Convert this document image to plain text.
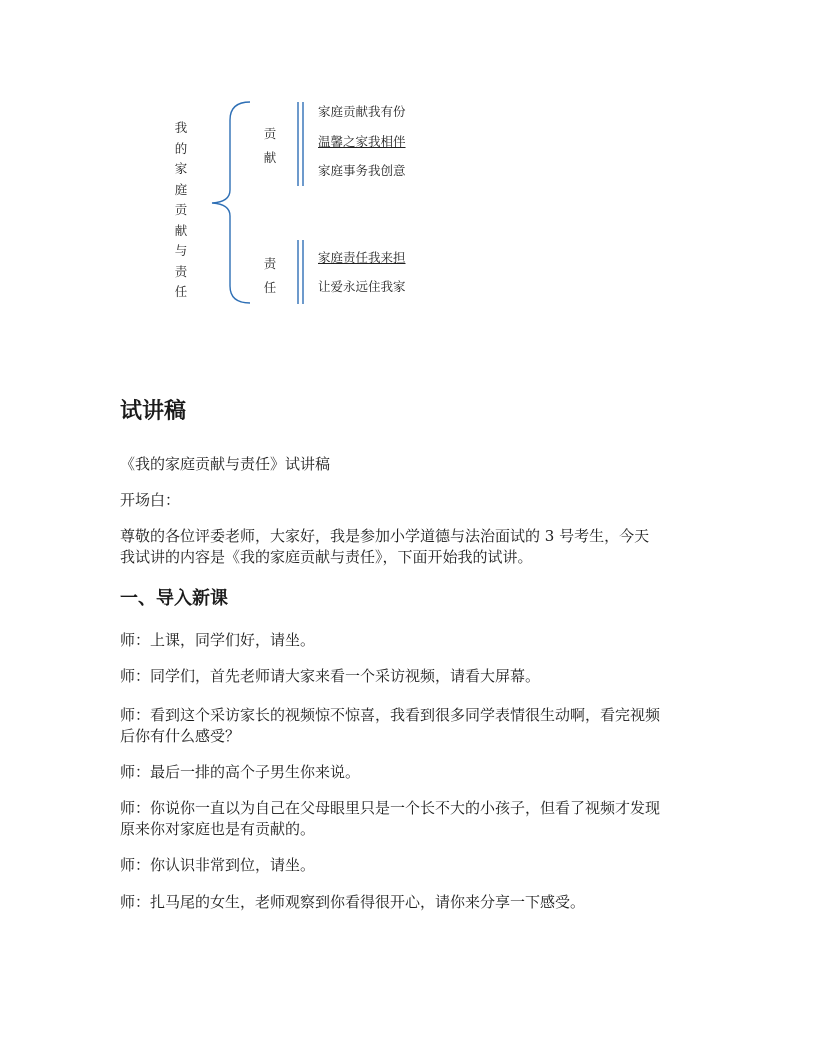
我的家庭贡献与责任
贡献
家庭贡献我有份
温馨之家我相伴
家庭事务我创意
责任
家庭责任我来担
让爱永远住我家
试讲稿

《我的家庭贡献与责任》试讲稿

开场白：

尊敬的各位评委老师，大家好，我是参加小学道德与法治面试的 3 号考生，今天

我试讲的内容是《我的家庭贡献与责任》，下面开始我的试讲。

一、导入新课

师：上课，同学们好，请坐。

师：同学们，首先老师请大家来看一个采访视频，请看大屏幕。

师：看到这个采访家长的视频惊不惊喜，我看到很多同学表情很生动啊，看完视频

后你有什么感受？

师：最后一排的高个子男生你来说。

师：你说你一直以为自己在父母眼里只是一个长不大的小孩子，但看了视频才发现

原来你对家庭也是有贡献的。

师：你认识非常到位，请坐。

师：扎马尾的女生，老师观察到你看得很开心，请你来分享一下感受。
